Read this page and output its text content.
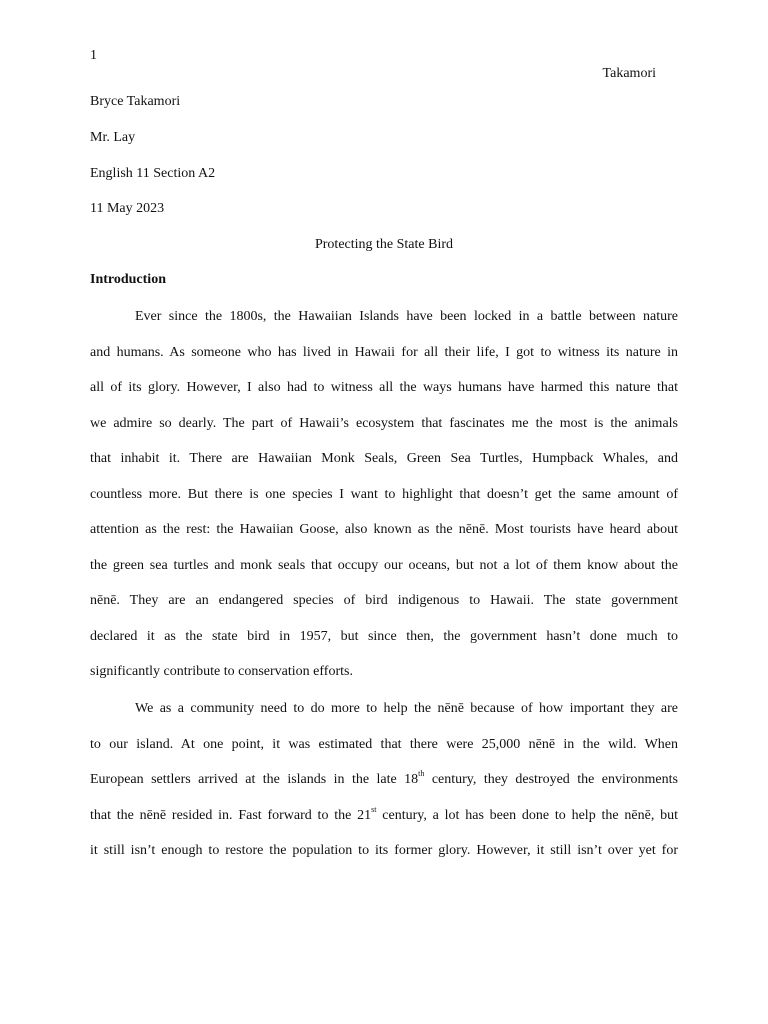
1
Takamori
Bryce Takamori
Mr. Lay
English 11 Section A2
11 May 2023
Protecting the State Bird
Introduction
Ever since the 1800s, the Hawaiian Islands have been locked in a battle between nature
and humans. As someone who has lived in Hawaii for all their life, I got to witness its nature in
all of its glory. However, I also had to witness all the ways humans have harmed this nature that
we admire so dearly. The part of Hawaii’s ecosystem that fascinates me the most is the animals
that inhabit it. There are Hawaiian Monk Seals, Green Sea Turtles, Humpback Whales, and
countless more. But there is one species I want to highlight that doesn’t get the same amount of
attention as the rest: the Hawaiian Goose, also known as the nēnē. Most tourists have heard about
the green sea turtles and monk seals that occupy our oceans, but not a lot of them know about the
nēnē. They are an endangered species of bird indigenous to Hawaii. The state government
declared it as the state bird in 1957, but since then, the government hasn’t done much to
significantly contribute to conservation efforts.
We as a community need to do more to help the nēnē because of how important they are
to our island. At one point, it was estimated that there were 25,000 nēnē in the wild. When
European settlers arrived at the islands in the late 18th century, they destroyed the environments
that the nēnē resided in. Fast forward to the 21st century, a lot has been done to help the nēnē, but
it still isn’t enough to restore the population to its former glory. However, it still isn’t over yet for
